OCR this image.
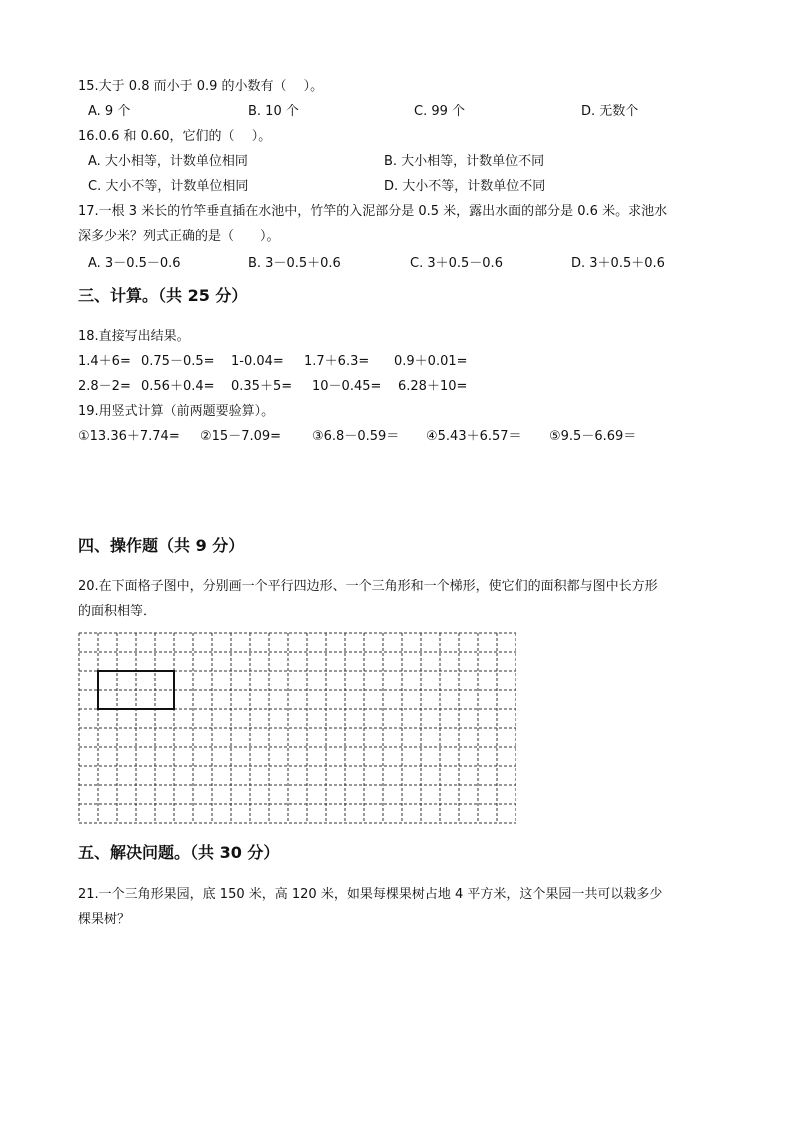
15.大于 0.8 而小于 0.9 的小数有（　 ）。
A. 9 个	B. 10 个	C. 99 个	D. 无数个
16.0.6 和 0.60，它们的（　 ）。
A. 大小相等，计数单位相同	B. 大小相等，计数单位不同
C. 大小不等，计数单位相同	D. 大小不等，计数单位不同
17.一根 3 米长的竹竿垂直插在水池中，竹竿的入泥部分是 0.5 米，露出水面的部分是 0.6 米。求池水
深多少米？列式正确的是（　　）。
A. 3－0.5－0.6	B. 3－0.5＋0.6	C. 3＋0.5－0.6	D. 3＋0.5＋0.6
三、计算。（共 25 分）
18.直接写出结果。
1.4＋6= 0.75－0.5= 1-0.04= 1.7＋6.3= 0.9＋0.01=
2.8－2= 0.56＋0.4= 0.35＋5= 10－0.45= 6.28＋10=
19.用竖式计算（前两题要验算）。
①13.36＋7.74= ②15－7.09= ③6.8－0.59＝ ④5.43＋6.57＝ ⑤9.5－6.69＝
四、操作题（共 9 分）
20.在下面格子图中，分别画一个平行四边形、一个三角形和一个梯形，使它们的面积都与图中长方形
的面积相等．
五、解决问题。（共 30 分）
21.一个三角形果园，底 150 米，高 120 米，如果每棵果树占地 4 平方米，这个果园一共可以栽多少
棵果树？
